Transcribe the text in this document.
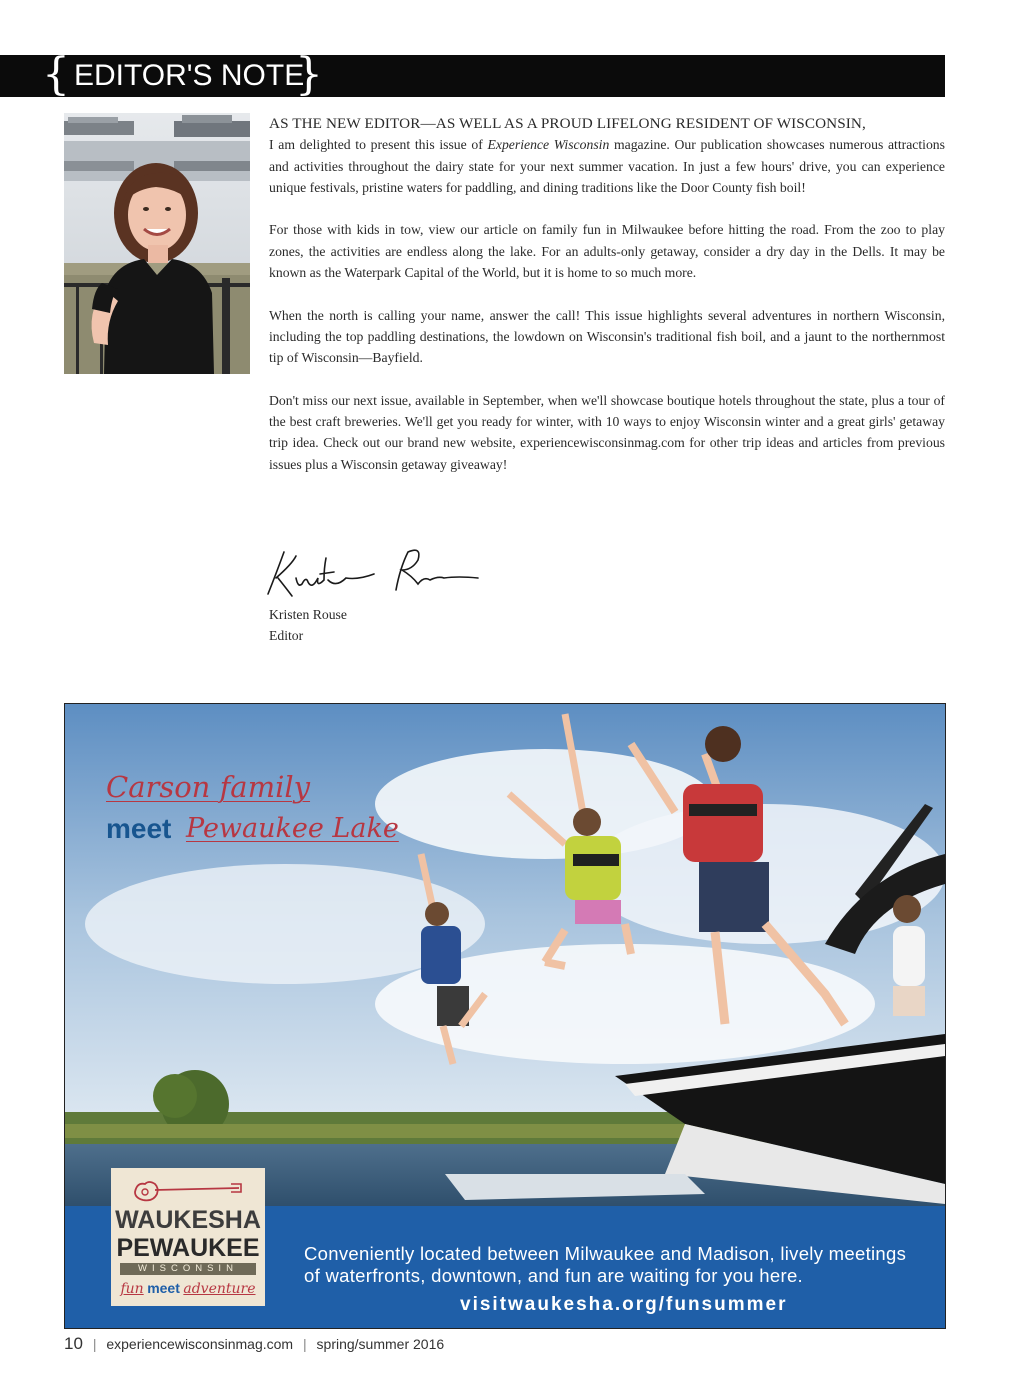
{ EDITOR'S NOTE
}

AS THE NEW EDITOR—AS WELL AS A PROUD LIFELONG RESIDENT OF WISCONSIN,
I am delighted to present this issue of Experience Wisconsin magazine. Our publication showcases numerous attractions and activities throughout the dairy state for your next summer vacation. In just a few hours' drive, you can experience unique festivals, pristine waters for paddling, and dining traditions like the Door County fish boil!

For those with kids in tow, view our article on family fun in Milwaukee before hitting the road. From the zoo to play zones, the activities are endless along the lake. For an adults-only getaway, consider a dry day in the Dells. It may be known as the Waterpark Capital of the World, but it is home to so much more.

When the north is calling your name, answer the call! This issue highlights several adventures in northern Wisconsin, including the top paddling destinations, the lowdown on Wisconsin's traditional fish boil, and a jaunt to the northernmost tip of Wisconsin—Bayfield.

Don't miss our next issue, available in September, when we'll showcase boutique hotels throughout the state, plus a tour of the best craft breweries. We'll get you ready for winter, with 10 ways to enjoy Wisconsin winter and a great girls' getaway trip idea. Check out our brand new website, experiencewisconsinmag.com for other trip ideas and articles from previous issues plus a Wisconsin getaway giveaway!

Kristen Rouse
Editor
Carson family
meet Pewaukee Lake
Conveniently located between Milwaukee and Madison, lively meetings
of waterfronts, downtown, and fun are waiting for you here.
visitwaukesha.org/funsummer
WAUKESHA
PEWAUKEE
WISCONSIN
fun meet adventure
10 | experiencewisconsinmag.com | spring/summer 2016
